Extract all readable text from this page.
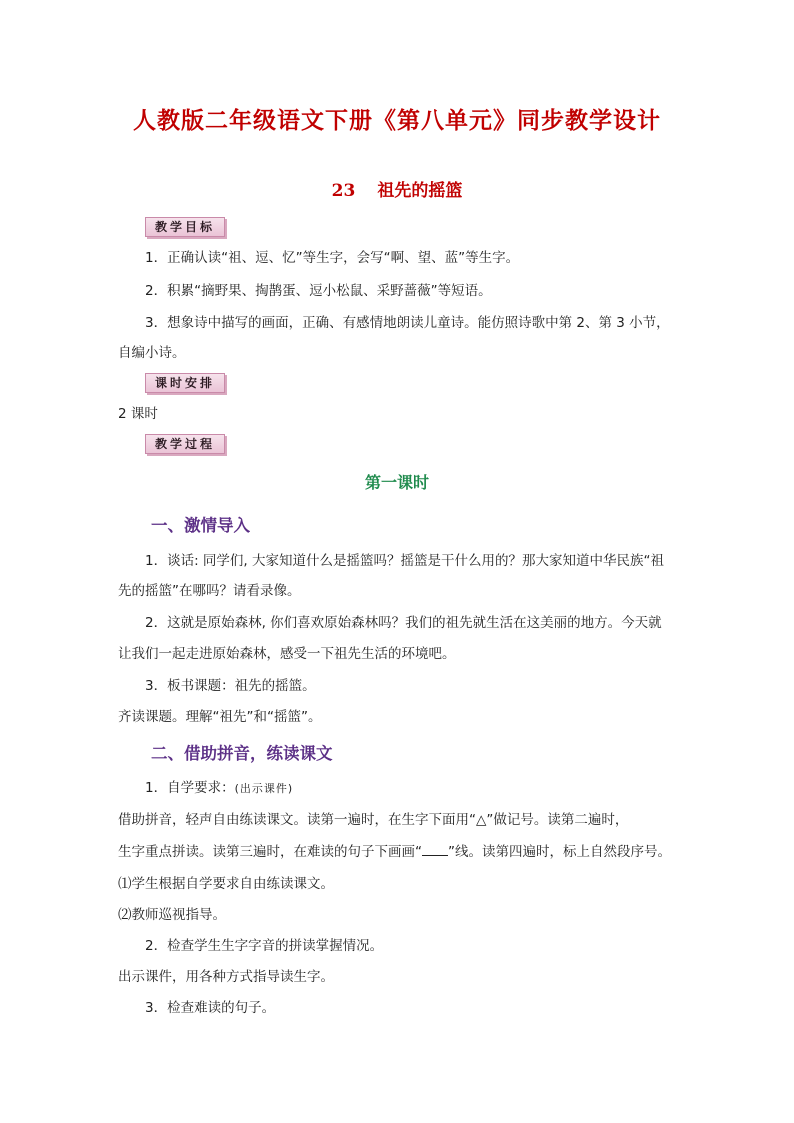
人教版二年级语文下册《第八单元》同步教学设计
23 祖先的摇篮
教学目标
1．正确认读“祖、逗、忆”等生字，会写“啊、望、蓝”等生字。
2．积累“摘野果、掏鹊蛋、逗小松鼠、采野蔷薇”等短语。
3．想象诗中描写的画面，正确、有感情地朗读儿童诗。能仿照诗歌中第 2、第 3 小节，
自编小诗。
课时安排
2 课时
教学过程
第一课时
一、激情导入
1．谈话: 同学们, 大家知道什么是摇篮吗？摇篮是干什么用的？那大家知道中华民族“祖
先的摇篮”在哪吗？请看录像。
2．这就是原始森林, 你们喜欢原始森林吗？我们的祖先就生活在这美丽的地方。今天就
让我们一起走进原始森林，感受一下祖先生活的环境吧。
3．板书课题：祖先的摇篮。
齐读课题。理解“祖先”和“摇篮”。
二、借助拼音，练读课文
1．自学要求：(出示课件)
借助拼音，轻声自由练读课文。读第一遍时，在生字下面用“△”做记号。读第二遍时，
生字重点拼读。读第三遍时，在难读的句子下画画“ ”线。读第四遍时，标上自然段序号。
⑴学生根据自学要求自由练读课文。
⑵教师巡视指导。
2．检查学生生字字音的拼读掌握情况。
出示课件，用各种方式指导读生字。
3．检查难读的句子。
